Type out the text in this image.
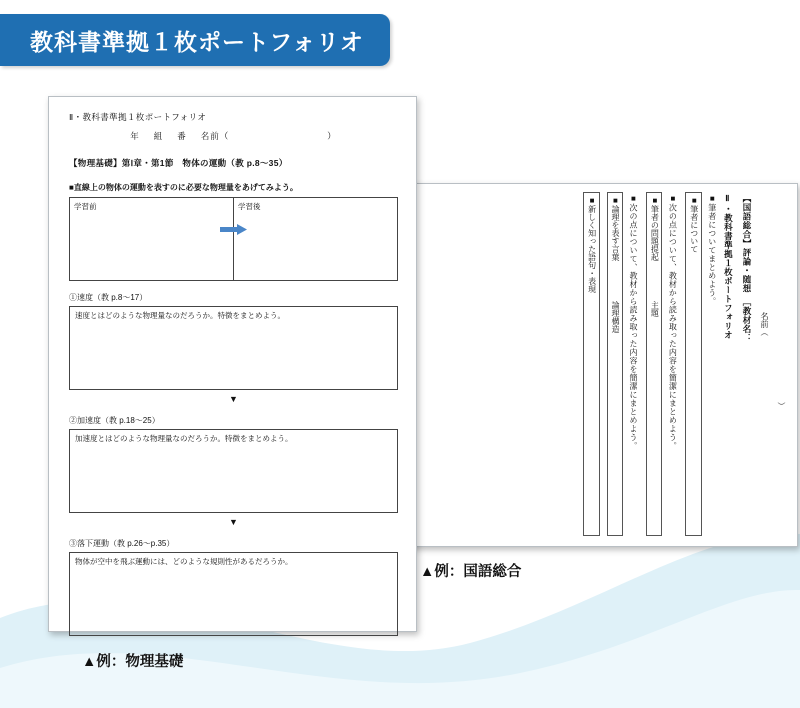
教科書準拠１枚ポートフォリオ
Ⅱ・教科書準拠１枚ポートフォリオ 【国語総合】評論・随想　［教材名： 名前（
）
■筆者についてまとめよう。
■筆者について
■次の点について、教材から読み取った内容を簡潔にまとめよう。
■筆者の問題提起
主題
■次の点について、教材から読み取った内容を簡潔にまとめよう。
■論理を表す言葉
論理構造
■新しく知った語句・表現
Ⅱ・教科書準拠１枚ポートフォリオ
年 組 番 名前（	）
【物理基礎】第Ⅰ章・第1節　物体の運動（教 p.8〜35）
■直線上の物体の運動を表すのに必要な物理量をあげてみよう。
学習前	学習後
①速度（教 p.8〜17）
速度とはどのような物理量なのだろうか。特徴をまとめよう。
▼
②加速度（教 p.18〜25）
加速度とはどのような物理量なのだろうか。特徴をまとめよう。
▼
③落下運動（教 p.26〜p.35）
物体が空中を飛ぶ運動には、どのような規則性があるだろうか。
▲例：物理基礎
▲例：国語総合
